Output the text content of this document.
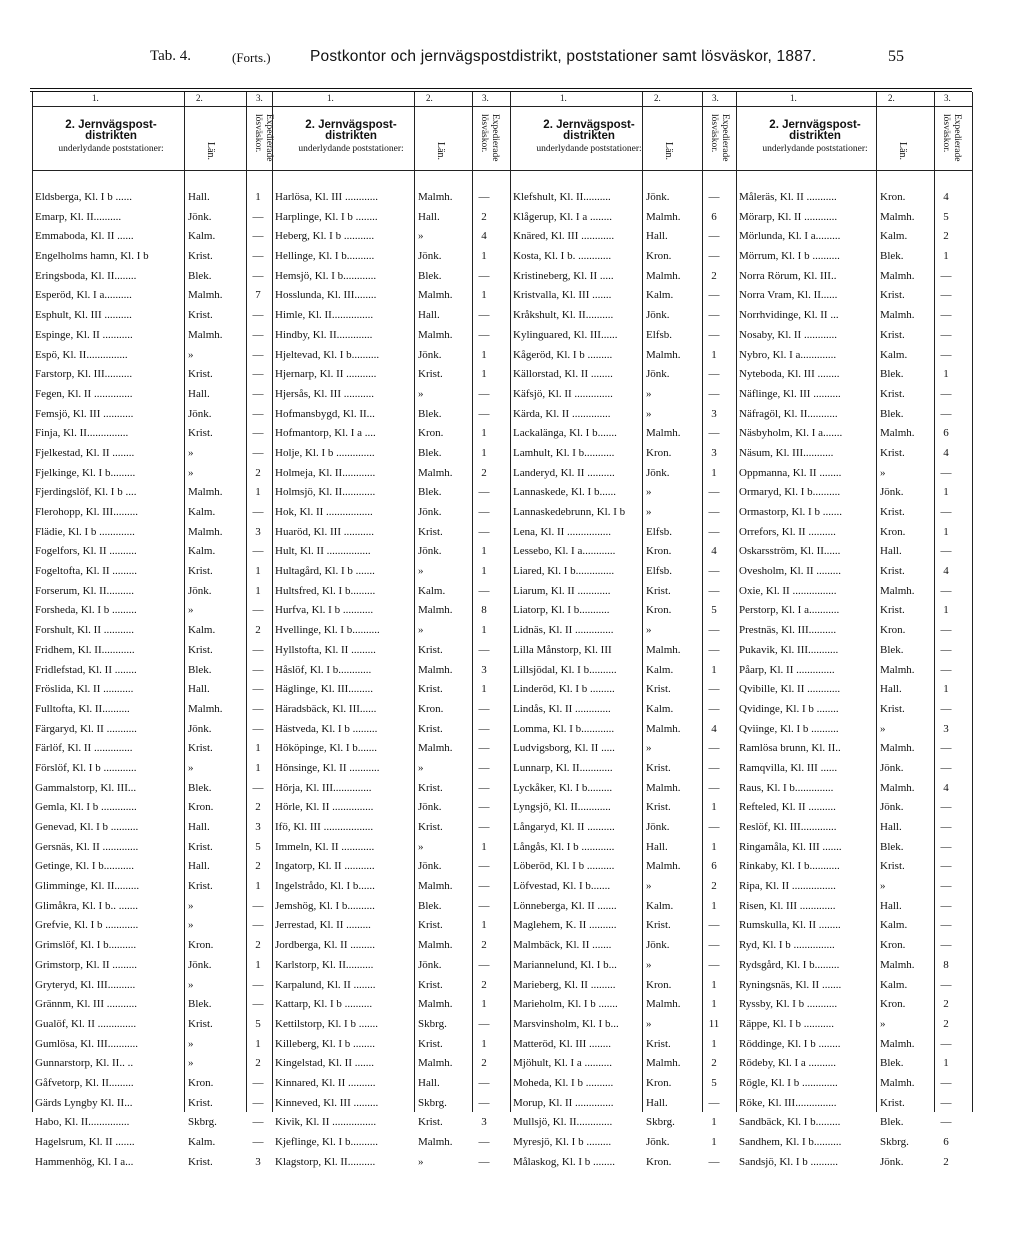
Tab. 4.	(Forts.)	Postkontor och jernvägspostdistrikt, poststationer samt lösväskor, 1887.	55
1.	2.	3.
2. Jernvägspost-
distrikten
underlydande poststationer:	Län.	Expedierade lösväskor.
Eldsberga, Kl. I b ......	Hall.	1
Emarp, Kl. II..........	Jönk.	—
Emmaboda, Kl. II ......	Kalm.	—
Engelholms hamn, Kl. I b	Krist.	—
Eringsboda, Kl. II........	Blek.	—
Esperöd, Kl. I a..........	Malmh.	7
Esphult, Kl. III ..........	Krist.	—
Espinge, Kl. II ...........	Malmh.	—
Espö, Kl. II...............	»	—
Farstorp, Kl. III..........	Krist.	—
Fegen, Kl. II ..............	Hall.	—
Femsjö, Kl. III ...........	Jönk.	—
Finja, Kl. II...............	Krist.	—
Fjelkestad, Kl. II ........	»	—
Fjelkinge, Kl. I b.........	»	2
Fjerdingslöf, Kl. I b ....	Malmh.	1
Flerohopp, Kl. III.........	Kalm.	—
Flädie, Kl. I b .............	Malmh.	3
Fogelfors, Kl. II ..........	Kalm.	—
Fogeltofta, Kl. II .........	Krist.	1
Forserum, Kl. II..........	Jönk.	1
Forsheda, Kl. I b .........	»	—
Forshult, Kl. II ...........	Kalm.	2
Fridhem, Kl. II............	Krist.	—
Fridlefstad, Kl. II ........	Blek.	—
Fröslida, Kl. II ...........	Hall.	—
Fulltofta, Kl. II..........	Malmh.	—
Färgaryd, Kl. II ...........	Jönk.	—
Färlöf, Kl. II ..............	Krist.	1
Förslöf, Kl. I b ............	»	1
Gammalstorp, Kl. III...	Blek.	—
Gemla, Kl. I b .............	Kron.	2
Genevad, Kl. I b ..........	Hall.	3
Gersnäs, Kl. II .............	Krist.	5
Getinge, Kl. I b...........	Hall.	2
Glimminge, Kl. II.........	Krist.	1
Glimåkra, Kl. I b.. .......	»	—
Grefvie, Kl. I b ............	»	—
Grimslöf, Kl. I b..........	Kron.	2
Grimstorp, Kl. II .........	Jönk.	1
Gryteryd, Kl. III..........	»	—
Grännm, Kl. III ...........	Blek.	—
Gualöf, Kl. II ..............	Krist.	5
Gumlösa, Kl. III...........	»	1
Gunnarstorp, Kl. II.. ..	»	2
Gåfvetorp, Kl. II.........	Kron.	—
Gärds Lyngby Kl. II...	Krist.	—
Habo, Kl. II...............	Skbrg.	—
Hagelsrum, Kl. II .......	Kalm.	—
Hammenhög, Kl. I a...	Krist.	3
1.	2.	3.
2. Jernvägspost-
distrikten
underlydande poststationer:	Län.	Expedierade lösväskor.
Harlösa, Kl. III ............	Malmh.	—
Harplinge, Kl. I b ........	Hall.	2
Heberg, Kl. I b ...........	»	4
Hellinge, Kl. I b..........	Jönk.	1
Hemsjö, Kl. I b............	Blek.	—
Hosslunda, Kl. III........	Malmh.	1
Himle, Kl. II...............	Hall.	—
Hindby, Kl. II.............	Malmh.	—
Hjeltevad, Kl. I b..........	Jönk.	1
Hjernarp, Kl. II ...........	Krist.	1
Hjersås, Kl. III ...........	»	—
Hofmansbygd, Kl. II...	Blek.	—
Hofmantorp, Kl. I a ....	Kron.	1
Holje, Kl. I b ..............	Blek.	1
Holmeja, Kl. II............	Malmh.	2
Holmsjö, Kl. II............	Blek.	—
Hok, Kl. II .................	Jönk.	—
Huaröd, Kl. III ...........	Krist.	—
Hult, Kl. II ................	Jönk.	1
Hultagård, Kl. I b .......	»	1
Hultsfred, Kl. I b.........	Kalm.	—
Hurfva, Kl. I b ...........	Malmh.	8
Hvellinge, Kl. I b..........	»	1
Hyllstofta, Kl. II .........	Krist.	—
Håslöf, Kl. I b............	Malmh.	3
Häglinge, Kl. III.........	Krist.	1
Häradsbäck, Kl. III......	Kron.	—
Hästveda, Kl. I b .........	Krist.	—
Hököpinge, Kl. I b.......	Malmh.	—
Hönsinge, Kl. II ...........	»	—
Hörja, Kl. III..............	Krist.	—
Hörle, Kl. II ...............	Jönk.	—
Ifö, Kl. III ..................	Krist.	—
Immeln, Kl. II ............	»	1
Ingatorp, Kl. II ...........	Jönk.	—
Ingelstrådo, Kl. I b......	Malmh.	—
Jemshög, Kl. I b..........	Blek.	—
Jerrestad, Kl. II .........	Krist.	1
Jordberga, Kl. II .........	Malmh.	2
Karlstorp, Kl. II..........	Jönk.	—
Karpalund, Kl. II ........	Krist.	2
Kattarp, Kl. I b ..........	Malmh.	1
Kettilstorp, Kl. I b .......	Skbrg.	—
Killeberg, Kl. I b ........	Krist.	1
Kingelstad, Kl. II .......	Malmh.	2
Kinnared, Kl. II ..........	Hall.	—
Kinneved, Kl. III .........	Skbrg.	—
Kivik, Kl. II ................	Krist.	3
Kjeflinge, Kl. I b..........	Malmh.	—
Klagstorp, Kl. II..........	»	—
1.	2.	3.
2. Jernvägspost-
distrikten
underlydande poststationer:	Län.	Expedierade lösväskor.
Klefshult, Kl. II..........	Jönk.	—
Klågerup, Kl. I a ........	Malmh.	6
Knäred, Kl. III ............	Hall.	—
Kosta, Kl. I b. ............	Kron.	—
Kristineberg, Kl. II .....	Malmh.	2
Kristvalla, Kl. III .......	Kalm.	—
Kråkshult, Kl. II..........	Jönk.	—
Kylinguared, Kl. III......	Elfsb.	—
Kågeröd, Kl. I b .........	Malmh.	1
Källorstad, Kl. II ........	Jönk.	—
Käfsjö, Kl. II ..............	»	—
Kärda, Kl. II ..............	»	3
Lackalänga, Kl. I b.......	Malmh.	—
Lamhult, Kl. I b...........	Kron.	3
Landeryd, Kl. II ..........	Jönk.	1
Lannaskede, Kl. I b......	»	—
Lannaskedebrunn, Kl. I b	»	—
Lena, Kl. II ................	Elfsb.	—
Lessebo, Kl. I a............	Kron.	4
Liared, Kl. I b..............	Elfsb.	—
Liarum, Kl. II ............	Krist.	—
Liatorp, Kl. I b...........	Kron.	5
Lidnäs, Kl. II ..............	»	—
Lilla Månstorp, Kl. III	Malmh.	—
Lillsjödal, Kl. I b..........	Kalm.	1
Linderöd, Kl. I b .........	Krist.	—
Lindås, Kl. II .............	Kalm.	—
Lomma, Kl. I b............	Malmh.	4
Ludvigsborg, Kl. II .....	»	—
Lunnarp, Kl. II............	Krist.	—
Lyckåker, Kl. I b.........	Malmh.	—
Lyngsjö, Kl. II............	Krist.	1
Långaryd, Kl. II ..........	Jönk.	—
Långås, Kl. I b ............	Hall.	1
Löberöd, Kl. I b ..........	Malmh.	6
Löfvestad, Kl. I b.......	»	2
Lönneberga, Kl. II .......	Kalm.	1
Maglehem, K. II ..........	Krist.	—
Malmbäck, Kl. II .......	Jönk.	—
Mariannelund, Kl. I b...	»	—
Marieberg, Kl. II .........	Kron.	1
Marieholm, Kl. I b .......	Malmh.	1
Marsvinsholm, Kl. I b...	»	11
Matteröd, Kl. III ........	Krist.	1
Mjöhult, Kl. I a ..........	Malmh.	2
Moheda, Kl. I b ..........	Kron.	5
Morup, Kl. II ..............	Hall.	—
Mullsjö, Kl. II.............	Skbrg.	1
Myresjö, Kl. I b .........	Jönk.	1
Målaskog, Kl. I b ........	Kron.	—
1.	2.	3.
2. Jernvägspost-
distrikten
underlydande poststationer:	Län.	Expedierade lösväskor.
Måleräs, Kl. II ...........	Kron.	4
Mörarp, Kl. II ............	Malmh.	5
Mörlunda, Kl. I a.........	Kalm.	2
Mörrum, Kl. I b ..........	Blek.	1
Norra Rörum, Kl. III..	Malmh.	—
Norra Vram, Kl. II......	Krist.	—
Norrhvidinge, Kl. II ...	Malmh.	—
Nosaby, Kl. II ............	Krist.	—
Nybro, Kl. I a.............	Kalm.	—
Nyteboda, Kl. III ........	Blek.	1
Näflinge, Kl. III ..........	Krist.	—
Näfragöl, Kl. II...........	Blek.	—
Näsbyholm, Kl. I a.......	Malmh.	6
Näsum, Kl. III...........	Krist.	4
Oppmanna, Kl. II ........	»	—
Ormaryd, Kl. I b..........	Jönk.	1
Ormastorp, Kl. I b .......	Krist.	—
Orrefors, Kl. II ..........	Kron.	1
Oskarsström, Kl. II......	Hall.	—
Ovesholm, Kl. II .........	Krist.	4
Oxie, Kl. II ................	Malmh.	—
Perstorp, Kl. I a...........	Krist.	1
Prestnäs, Kl. III..........	Kron.	—
Pukavik, Kl. III...........	Blek.	—
Påarp, Kl. II ..............	Malmh.	—
Qvibille, Kl. II ............	Hall.	1
Qvidinge, Kl. I b ........	Krist.	—
Qviinge, Kl. I b ..........	»	3
Ramlösa brunn, Kl. II..	Malmh.	—
Ramqvilla, Kl. III ......	Jönk.	—
Raus, Kl. I b..............	Malmh.	4
Refteled, Kl. II ..........	Jönk.	—
Reslöf, Kl. III.............	Hall.	—
Ringamåla, Kl. III .......	Blek.	—
Rinkaby, Kl. I b...........	Krist.	—
Ripa, Kl. II ................	»	—
Risen, Kl. III .............	Hall.	—
Rumskulla, Kl. II ........	Kalm.	—
Ryd, Kl. I b ...............	Kron.	—
Rydsgård, Kl. I b.........	Malmh.	8
Ryningsnäs, Kl. II .......	Kalm.	—
Ryssby, Kl. I b ...........	Kron.	2
Räppe, Kl. I b ...........	»	2
Röddinge, Kl. I b ........	Malmh.	—
Rödeby, Kl. I a ..........	Blek.	1
Rögle, Kl. I b .............	Malmh.	—
Röke, Kl. III...............	Krist.	—
Sandbäck, Kl. I b.........	Blek.	—
Sandhem, Kl. I b..........	Skbrg.	6
Sandsjö, Kl. I b ..........	Jönk.	2
